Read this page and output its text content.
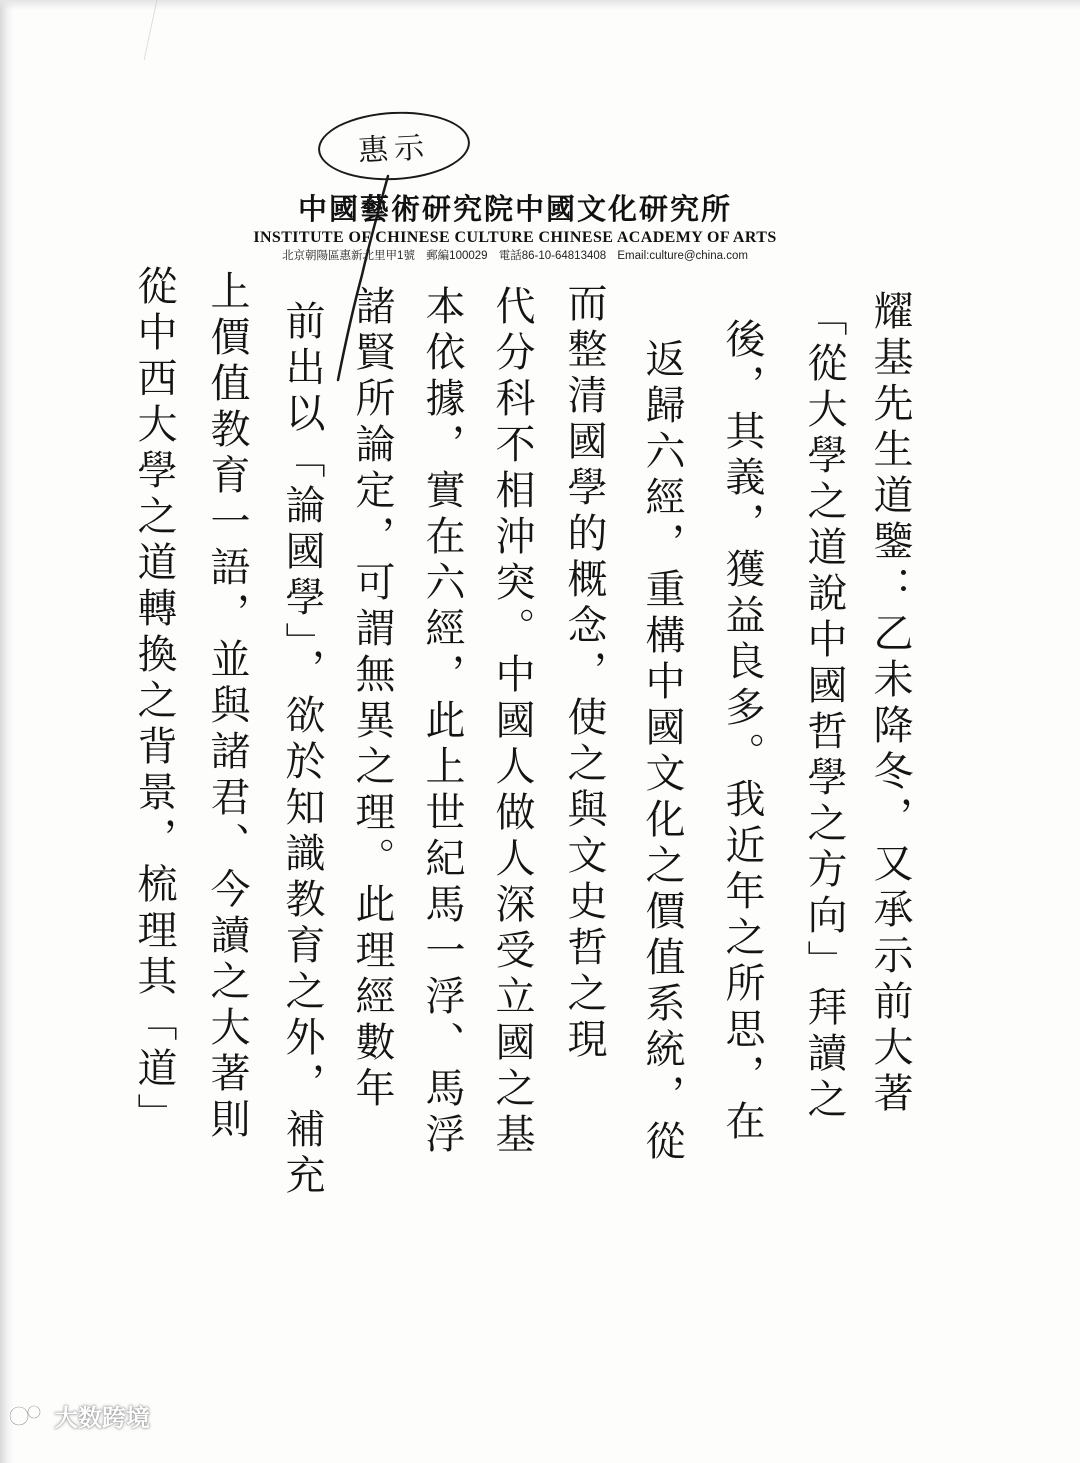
惠示
中國藝術研究院中國文化研究所
INSTITUTE OF CHINESE CULTURE CHINESE ACADEMY OF ARTS
北京朝陽區惠新北里甲1號 郵編100029 電話86-10-64813408 Email:culture@china.com
耀基先生道鑒：乙未降冬，又承示前大著
「從大學之道說中國哲學之方向」拜讀之
後，其義，獲益良多。我近年之所思，在
返歸六經，重構中國文化之價值系統，從
而整清國學的概念，使之與文史哲之現
代分科不相沖突。中國人做人深受立國之基
本依據，實在六經，此上世紀馬一浮、馬浮
諸賢所論定，可謂無異之理。此理經數年
前出以「論國學」，欲於知識教育之外，補充
上價值教育一語，並與諸君、今讀之大著則
從中西大學之道轉換之背景，梳理其「道」
大数跨境
